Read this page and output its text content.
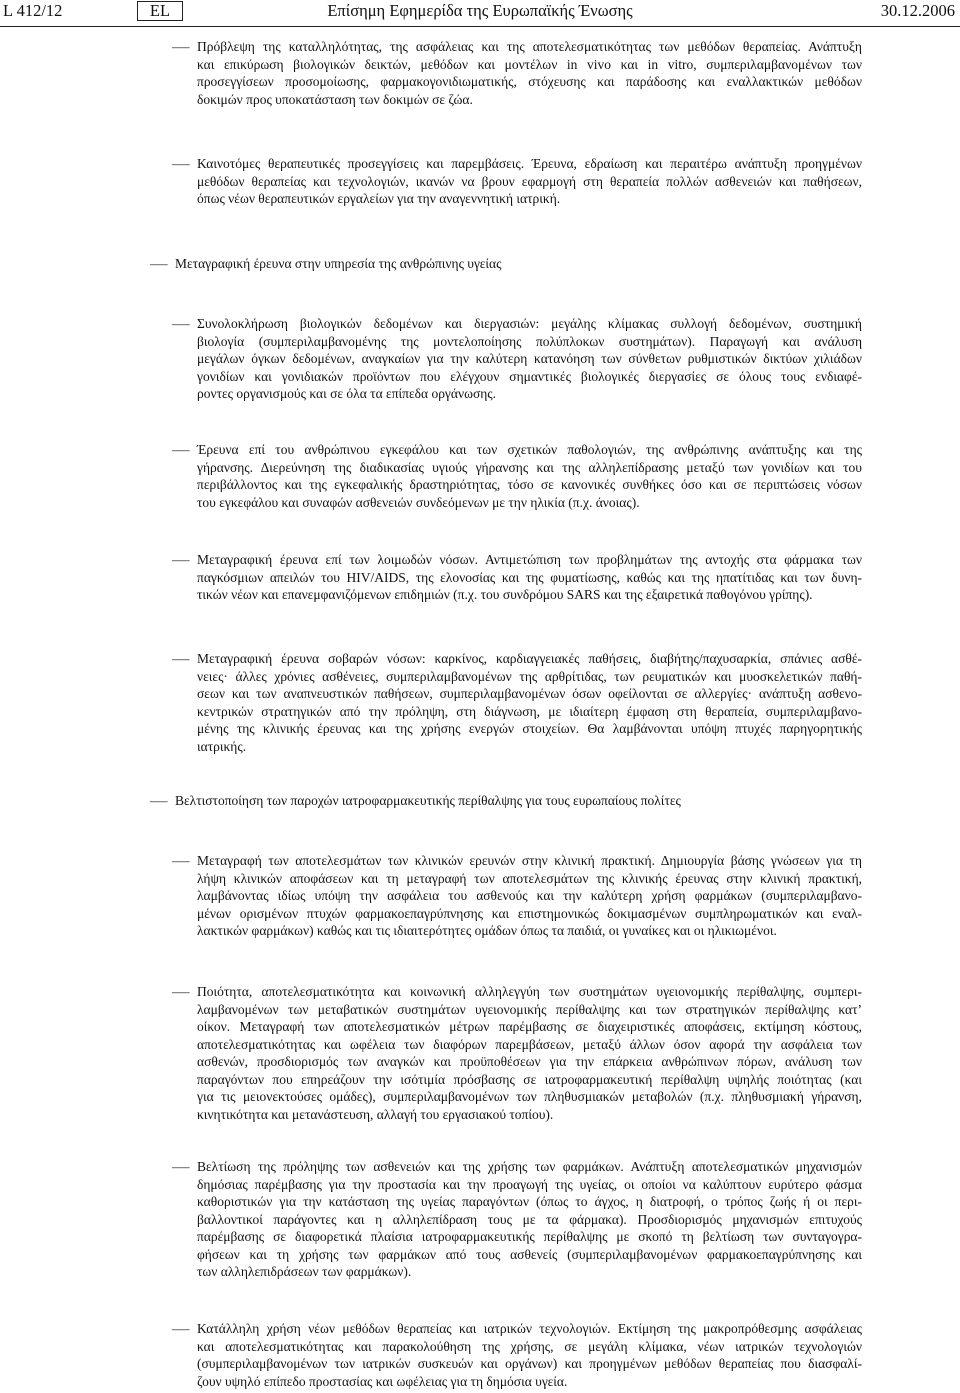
L 412/12	EL	Επίσημη Εφημερίδα της Ευρωπαϊκής Ένωσης	30.12.2006
— Πρόβλεψη της καταλληλότητας, της ασφάλειας και της αποτελεσματικότητας των μεθόδων θεραπείας. Ανάπτυξη
και επικύρωση βιολογικών δεικτών, μεθόδων και μοντέλων in vivo και in vitro, συμπεριλαμβανομένων των
προσεγγίσεων προσομοίωσης, φαρμακογονιδιωματικής, στόχευσης και παράδοσης και εναλλακτικών μεθόδων
δοκιμών προς υποκατάσταση των δοκιμών σε ζώα.
— Καινοτόμες θεραπευτικές προσεγγίσεις και παρεμβάσεις. Έρευνα, εδραίωση και περαιτέρω ανάπτυξη προηγμένων
μεθόδων θεραπείας και τεχνολογιών, ικανών να βρουν εφαρμογή στη θεραπεία πολλών ασθενειών και παθήσεων,
όπως νέων θεραπευτικών εργαλείων για την αναγεννητική ιατρική.
— Μεταγραφική έρευνα στην υπηρεσία της ανθρώπινης υγείας
— Συνολοκλήρωση βιολογικών δεδομένων και διεργασιών: μεγάλης κλίμακας συλλογή δεδομένων, συστημική
βιολογία (συμπεριλαμβανομένης της μοντελοποίησης πολύπλοκων συστημάτων). Παραγωγή και ανάλυση
μεγάλων όγκων δεδομένων, αναγκαίων για την καλύτερη κατανόηση των σύνθετων ρυθμιστικών δικτύων χιλιάδων
γονιδίων και γονιδιακών προϊόντων που ελέγχουν σημαντικές βιολογικές διεργασίες σε όλους τους ενδιαφέ-
ροντες οργανισμούς και σε όλα τα επίπεδα οργάνωσης.
— Έρευνα επί του ανθρώπινου εγκεφάλου και των σχετικών παθολογιών, της ανθρώπινης ανάπτυξης και της
γήρανσης. Διερεύνηση της διαδικασίας υγιούς γήρανσης και της αλληλεπίδρασης μεταξύ των γονιδίων και του
περιβάλλοντος και της εγκεφαλικής δραστηριότητας, τόσο σε κανονικές συνθήκες όσο και σε περιπτώσεις νόσων
του εγκεφάλου και συναφών ασθενειών συνδεόμενων με την ηλικία (π.χ. άνοιας).
— Μεταγραφική έρευνα επί των λοιμωδών νόσων. Αντιμετώπιση των προβλημάτων της αντοχής στα φάρμακα των
παγκόσμιων απειλών του HIV/AIDS, της ελονοσίας και της φυματίωσης, καθώς και της ηπατίτιδας και των δυνη-
τικών νέων και επανεμφανιζόμενων επιδημιών (π.χ. του συνδρόμου SARS και της εξαιρετικά παθογόνου γρίπης).
— Μεταγραφική έρευνα σοβαρών νόσων: καρκίνος, καρδιαγγειακές παθήσεις, διαβήτης/παχυσαρκία, σπάνιες ασθέ-
νειες· άλλες χρόνιες ασθένειες, συμπεριλαμβανομένων της αρθρίτιδας, των ρευματικών και μυοσκελετικών παθή-
σεων και των αναπνευστικών παθήσεων, συμπεριλαμβανομένων όσων οφείλονται σε αλλεργίες· ανάπτυξη ασθενο-
κεντρικών στρατηγικών από την πρόληψη, στη διάγνωση, με ιδιαίτερη έμφαση στη θεραπεία, συμπεριλαμβανο-
μένης της κλινικής έρευνας και της χρήσης ενεργών στοιχείων. Θα λαμβάνονται υπόψη πτυχές παρηγορητικής
ιατρικής.
— Βελτιστοποίηση των παροχών ιατροφαρμακευτικής περίθαλψης για τους ευρωπαίους πολίτες
— Μεταγραφή των αποτελεσμάτων των κλινικών ερευνών στην κλινική πρακτική. Δημιουργία βάσης γνώσεων για τη
λήψη κλινικών αποφάσεων και τη μεταγραφή των αποτελεσμάτων της κλινικής έρευνας στην κλινική πρακτική,
λαμβάνοντας ιδίως υπόψη την ασφάλεια του ασθενούς και την καλύτερη χρήση φαρμάκων (συμπεριλαμβανο-
μένων ορισμένων πτυχών φαρμακοεπαγρύπνησης και επιστημονικώς δοκιμασμένων συμπληρωματικών και εναλ-
λακτικών φαρμάκων) καθώς και τις ιδιαιτερότητες ομάδων όπως τα παιδιά, οι γυναίκες και οι ηλικιωμένοι.
— Ποιότητα, αποτελεσματικότητα και κοινωνική αλληλεγγύη των συστημάτων υγειονομικής περίθαλψης, συμπερι-
λαμβανομένων των μεταβατικών συστημάτων υγειονομικής περίθαλψης και των στρατηγικών περίθαλψης κατ’
οίκον. Μεταγραφή των αποτελεσματικών μέτρων παρέμβασης σε διαχειριστικές αποφάσεις, εκτίμηση κόστους,
αποτελεσματικότητας και ωφέλεια των διαφόρων παρεμβάσεων, μεταξύ άλλων όσον αφορά την ασφάλεια των
ασθενών, προσδιορισμός των αναγκών και προϋποθέσεων για την επάρκεια ανθρώπινων πόρων, ανάλυση των
παραγόντων που επηρεάζουν την ισότιμία πρόσβασης σε ιατροφαρμακευτική περίθαλψη υψηλής ποιότητας (και
για τις μειονεκτούσες ομάδες), συμπεριλαμβανομένων των πληθυσμιακών μεταβολών (π.χ. πληθυσμιακή γήρανση,
κινητικότητα και μετανάστευση, αλλαγή του εργασιακού τοπίου).
— Βελτίωση της πρόληψης των ασθενειών και της χρήσης των φαρμάκων. Ανάπτυξη αποτελεσματικών μηχανισμών
δημόσιας παρέμβασης για την προστασία και την προαγωγή της υγείας, οι οποίοι να καλύπτουν ευρύτερο φάσμα
καθοριστικών για την κατάσταση της υγείας παραγόντων (όπως το άγχος, η διατροφή, ο τρόπος ζωής ή οι περι-
βαλλοντικοί παράγοντες και η αλληλεπίδραση τους με τα φάρμακα). Προσδιορισμός μηχανισμών επιτυχούς
παρέμβασης σε διαφορετικά πλαίσια ιατροφαρμακευτικής περίθαλψης με σκοπό τη βελτίωση των συνταγογρα-
φήσεων και τη χρήσης των φαρμάκων από τους ασθενείς (συμπεριλαμβανομένων φαρμακοεπαγρύπνησης και
των αλληλεπιδράσεων των φαρμάκων).
— Κατάλληλη χρήση νέων μεθόδων θεραπείας και ιατρικών τεχνολογιών. Εκτίμηση της μακροπρόθεσμης ασφάλειας
και αποτελεσματικότητας και παρακολούθηση της χρήσης, σε μεγάλη κλίμακα, νέων ιατρικών τεχνολογιών
(συμπεριλαμβανομένων των ιατρικών συσκευών και οργάνων) και προηγμένων μεθόδων θεραπείας που διασφαλί-
ζουν υψηλό επίπεδο προστασίας και ωφέλειας για τη δημόσια υγεία.
